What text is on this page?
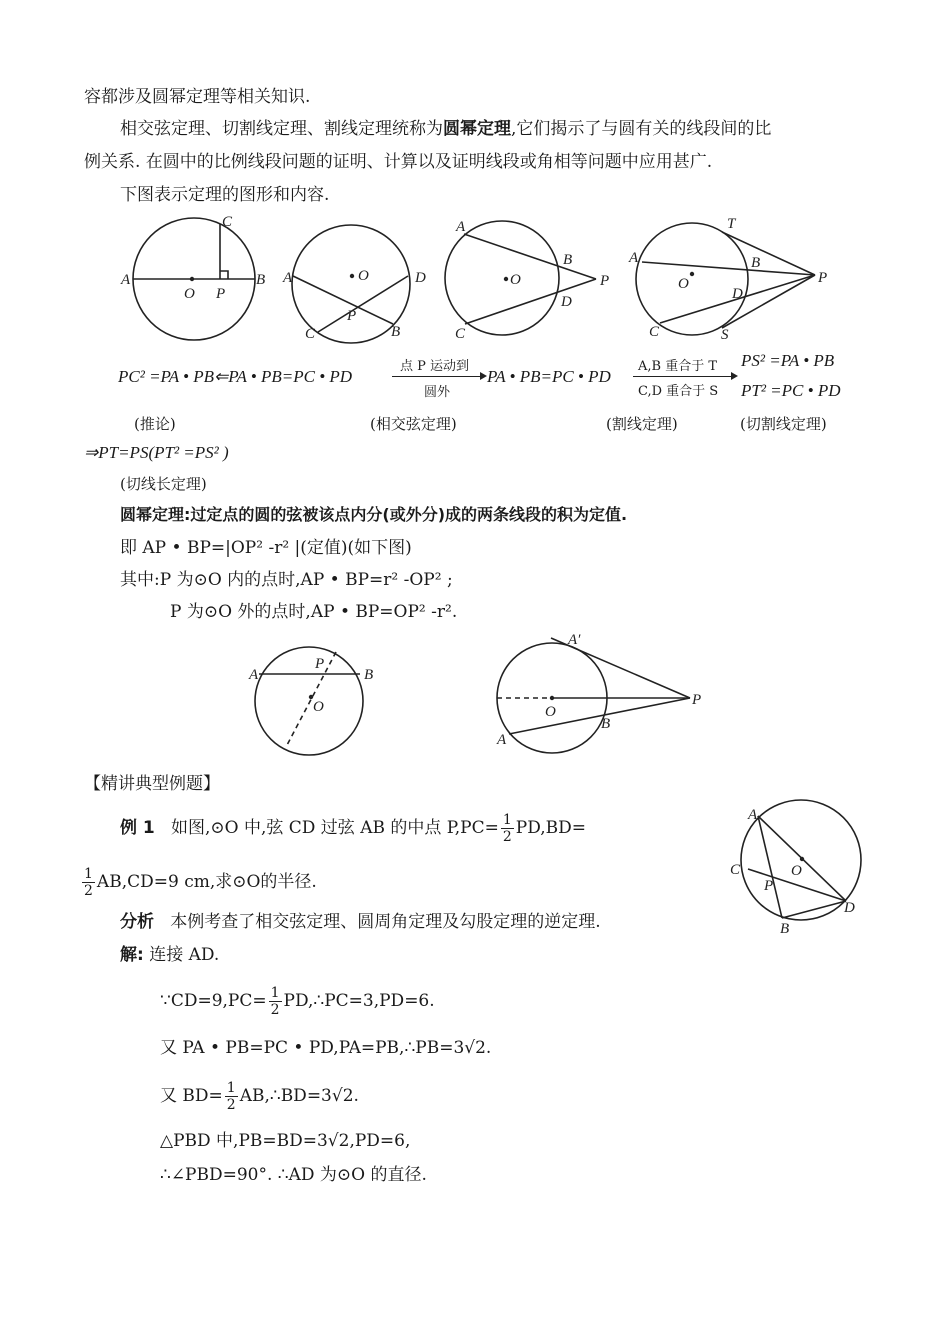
容都涉及圆幂定理等相关知识.
相交弦定理、切割线定理、割线定理统称为圆幂定理,它们揭示了与圆有关的线段间的比
例关系. 在圆中的比例线段问题的证明、计算以及证明线段或角相等问题中应用甚广.
下图表示定理的图形和内容.
A
C
B
O P
A	O	D
P
C	B
A
O
B
P
D
C
T
A	B
O	P
D
C	S
PC² =PA • PB⇐PA • PB=PC • PD
点 P 运动到
圆外
PA • PB=PC • PD
A,B 重合于 T
C,D 重合于 S
PS² =PA • PB
PT² =PC • PD
(推论)	(相交弦定理)	(割线定理)	(切割线定理)
⇒PT=PS(PT² =PS² )
(切线长定理)
圆幂定理:过定点的圆的弦被该点内分(或外分)成的两条线段的积为定值.
即 AP • BP=|OP² -r² |(定值)(如下图)
其中:P 为⊙O 内的点时,AP • BP=r² -OP² ;
P 为⊙O 外的点时,AP • BP=OP² -r².
A
P
B
O
A′
O
P
B
A
【精讲典型例题】
例 1 如图,⊙O 中,弦 CD 过弦 AB 的中点 $P,PC= \frac{1}{2} PD,BD=$
$\frac{1}{2} AB,CD=9$ cm,求⊙O的半径.
A
C	O
P
D
B
分析 本例考查了相交弦定理、圆周角定理及勾股定理的逆定理.
解: 连接 AD.
∵CD=9,PC= $\frac{1}{2}$ PD,∴PC=3,PD=6.
又 PA • PB=PC • PD,PA=PB,∴PB=3√2.
又 $BD= \frac{1}{2}$ AB,∴BD=3√2.
△PBD 中,PB=BD=3√2,PD=6,
∴∠PBD=90°. ∴AD 为⊙O 的直径.
